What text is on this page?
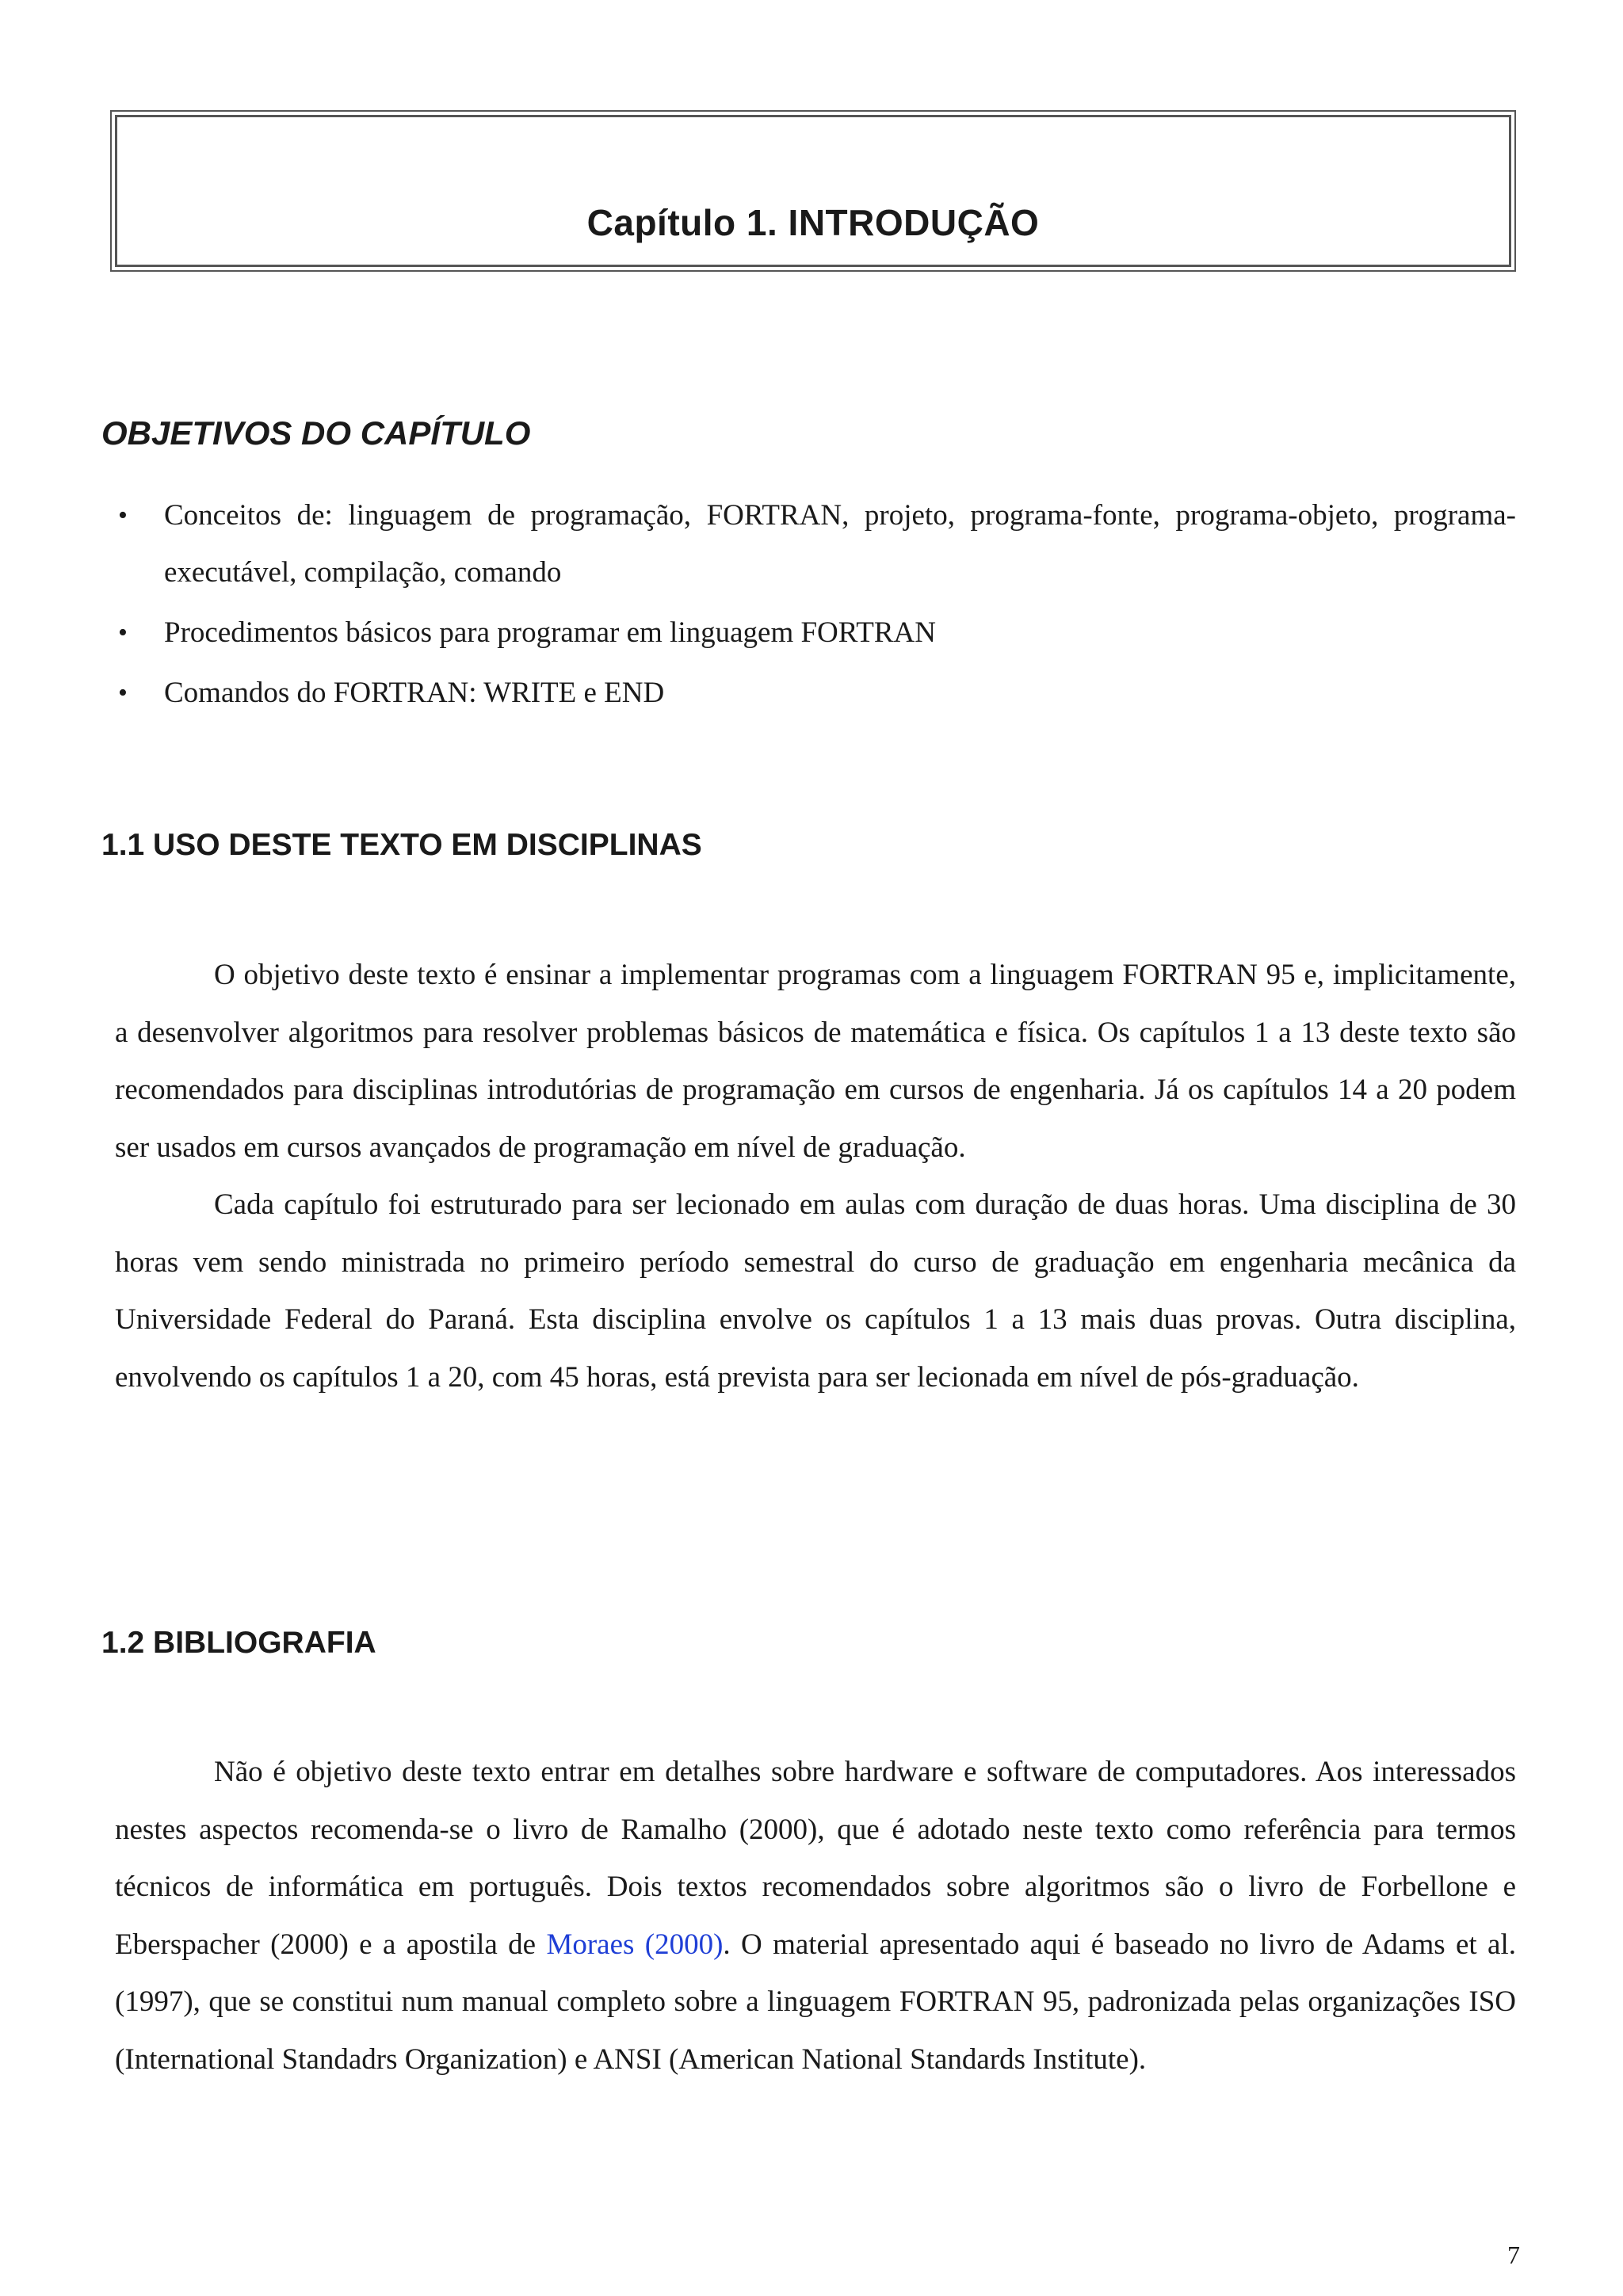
Capítulo 1. INTRODUÇÃO
OBJETIVOS DO CAPÍTULO
• Conceitos de: linguagem de programação, FORTRAN, projeto, programa-fonte, programa-objeto, programa-executável, compilação, comando
• Procedimentos básicos para programar em linguagem FORTRAN
• Comandos do FORTRAN: WRITE e END
1.1 USO DESTE TEXTO EM DISCIPLINAS

O objetivo deste texto é ensinar a implementar programas com a linguagem FORTRAN 95 e, implicitamente, a desenvolver algoritmos para resolver problemas básicos de matemática e física. Os capítulos 1 a 13 deste texto são recomendados para disciplinas introdutórias de programação em cursos de engenharia. Já os capítulos 14 a 20 podem ser usados em cursos avançados de programação em nível de graduação.

Cada capítulo foi estruturado para ser lecionado em aulas com duração de duas horas. Uma disciplina de 30 horas vem sendo ministrada no primeiro período semestral do curso de graduação em engenharia mecânica da Universidade Federal do Paraná. Esta disciplina envolve os capítulos 1 a 13 mais duas provas. Outra disciplina, envolvendo os capítulos 1 a 20, com 45 horas, está prevista para ser lecionada em nível de pós-graduação.

1.2 BIBLIOGRAFIA

Não é objetivo deste texto entrar em detalhes sobre hardware e software de computadores. Aos interessados nestes aspectos recomenda-se o livro de Ramalho (2000), que é adotado neste texto como referência para termos técnicos de informática em português. Dois textos recomendados sobre algoritmos são o livro de Forbellone e Eberspacher (2000) e a apostila de Moraes (2000). O material apresentado aqui é baseado no livro de Adams et al. (1997), que se constitui num manual completo sobre a linguagem FORTRAN 95, padronizada pelas organizações ISO (International Standadrs Organization) e ANSI (American National Standards Institute).

7
